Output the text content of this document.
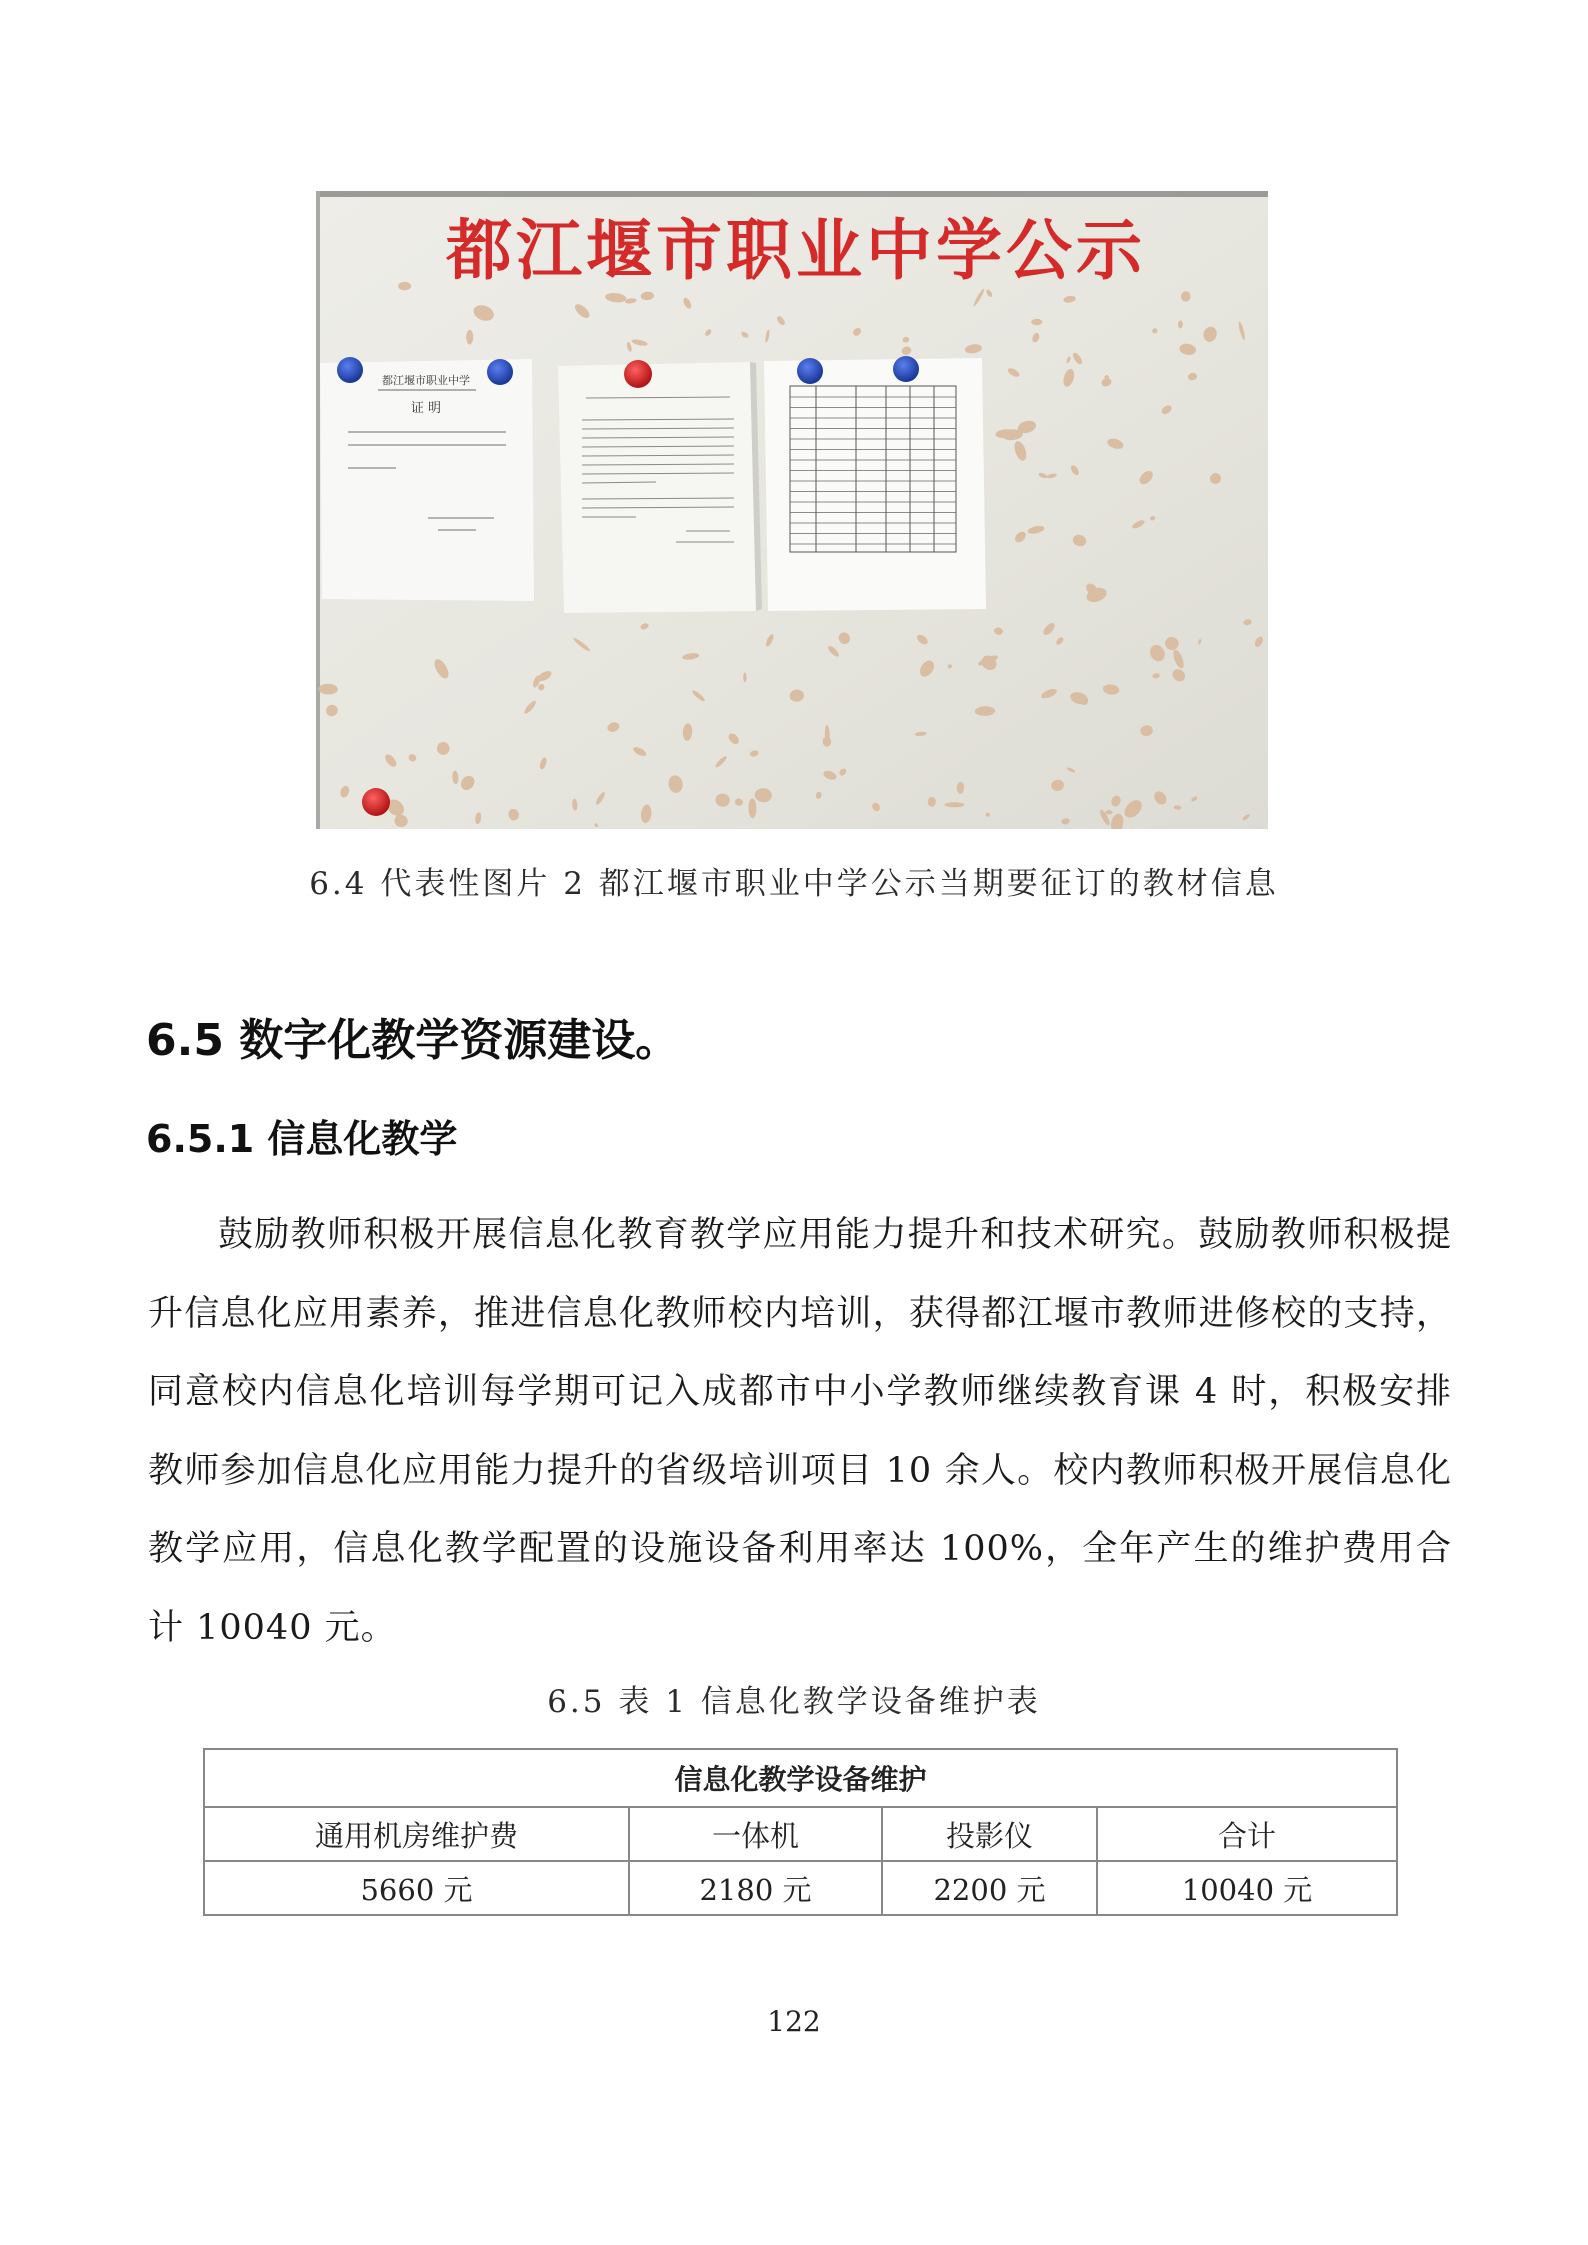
都江堰市职业中学公示
都江堰市职业中学
证 明
6.4 代表性图片 2 都江堰市职业中学公示当期要征订的教材信息
6.5 数字化教学资源建设。
6.5.1 信息化教学
鼓励教师积极开展信息化教育教学应用能力提升和技术研究。鼓励教师积极提升信息化应用素养，推进信息化教师校内培训，获得都江堰市教师进修校的支持，同意校内信息化培训每学期可记入成都市中小学教师继续教育课 4 时，积极安排教师参加信息化应用能力提升的省级培训项目 10 余人。校内教师积极开展信息化教学应用，信息化教学配置的设施设备利用率达 100%，全年产生的维护费用合计 10040 元。
6.5 表 1 信息化教学设备维护表
信息化教学设备维护			
通用机房维护费	一体机	投影仪	合计
5660 元	2180 元	2200 元	10040 元
122
